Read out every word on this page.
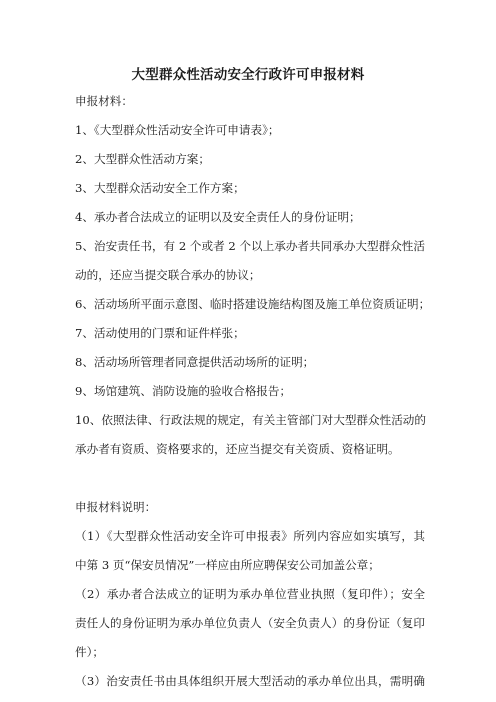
大型群众性活动安全行政许可申报材料
申报材料：
1、《大型群众性活动安全许可申请表》；
2、大型群众性活动方案；
3、大型群众活动安全工作方案；
4、承办者合法成立的证明以及安全责任人的身份证明；
5、治安责任书，有 2 个或者 2 个以上承办者共同承办大型群众性活
动的，还应当提交联合承办的协议；
6、活动场所平面示意图、临时搭建设施结构图及施工单位资质证明；
7、活动使用的门票和证件样张；
8、活动场所管理者同意提供活动场所的证明；
9、场馆建筑、消防设施的验收合格报告；
10、依照法律、行政法规的规定，有关主管部门对大型群众性活动的
承办者有资质、资格要求的，还应当提交有关资质、资格证明。
申报材料说明：
（1）《大型群众性活动安全许可申报表》所列内容应如实填写，其
中第 3 页“保安员情况”一样应由所应聘保安公司加盖公章；
（2）承办者合法成立的证明为承办单位营业执照（复印件）；安全
责任人的身份证明为承办单位负责人（安全负责人）的身份证（复印
件）；
（3）治安责任书由具体组织开展大型活动的承办单位出具，需明确
